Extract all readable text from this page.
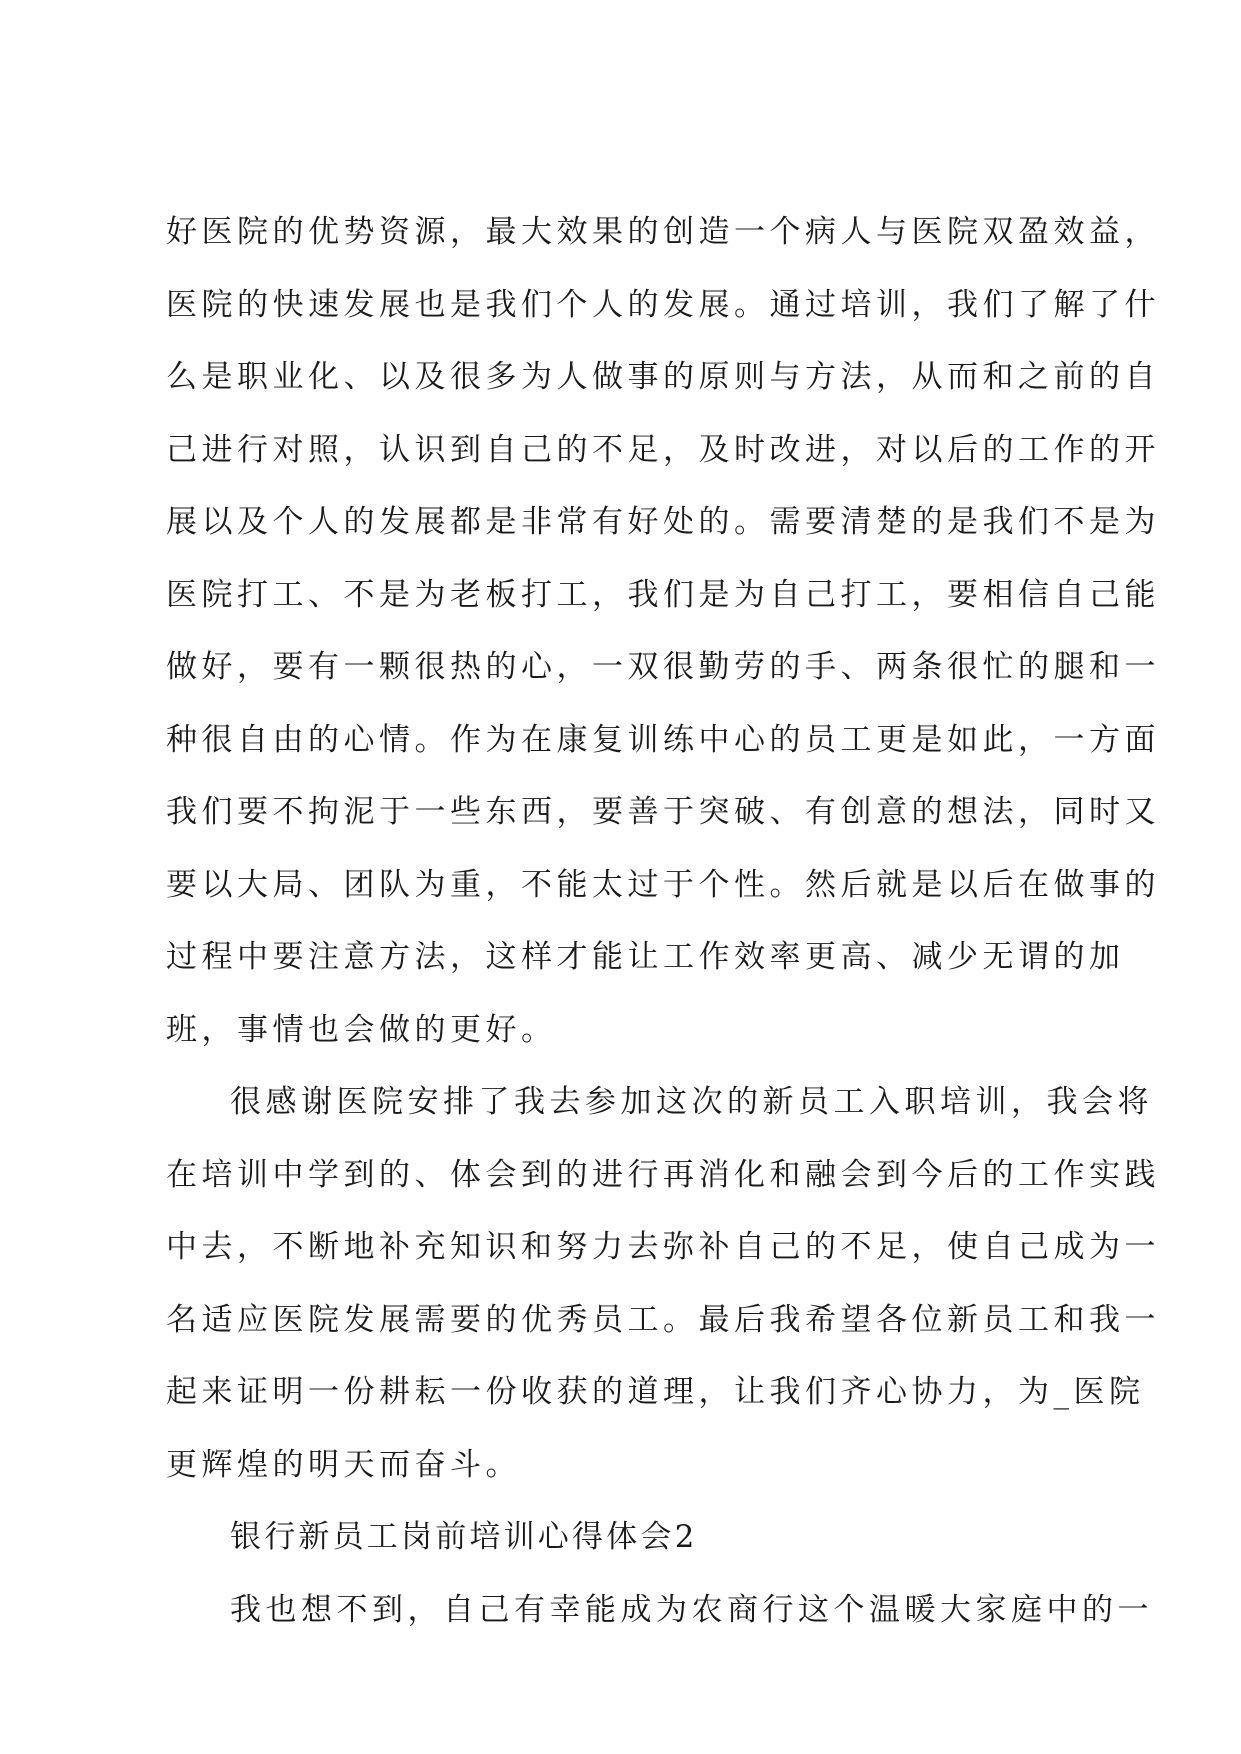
好医院的优势资源，最大效果的创造一个病人与医院双盈效益，
医院的快速发展也是我们个人的发展。通过培训，我们了解了什
么是职业化、以及很多为人做事的原则与方法，从而和之前的自
己进行对照，认识到自己的不足，及时改进，对以后的工作的开
展以及个人的发展都是非常有好处的。需要清楚的是我们不是为
医院打工、不是为老板打工，我们是为自己打工，要相信自己能
做好，要有一颗很热的心，一双很勤劳的手、两条很忙的腿和一
种很自由的心情。作为在康复训练中心的员工更是如此，一方面
我们要不拘泥于一些东西，要善于突破、有创意的想法，同时又
要以大局、团队为重，不能太过于个性。然后就是以后在做事的
过程中要注意方法，这样才能让工作效率更高、减少无谓的加
班，事情也会做的更好。
很感谢医院安排了我去参加这次的新员工入职培训，我会将
在培训中学到的、体会到的进行再消化和融会到今后的工作实践
中去，不断地补充知识和努力去弥补自己的不足，使自己成为一
名适应医院发展需要的优秀员工。最后我希望各位新员工和我一
起来证明一份耕耘一份收获的道理，让我们齐心协力，为_医院
更辉煌的明天而奋斗。
银行新员工岗前培训心得体会2
我也想不到，自己有幸能成为农商行这个温暖大家庭中的一
